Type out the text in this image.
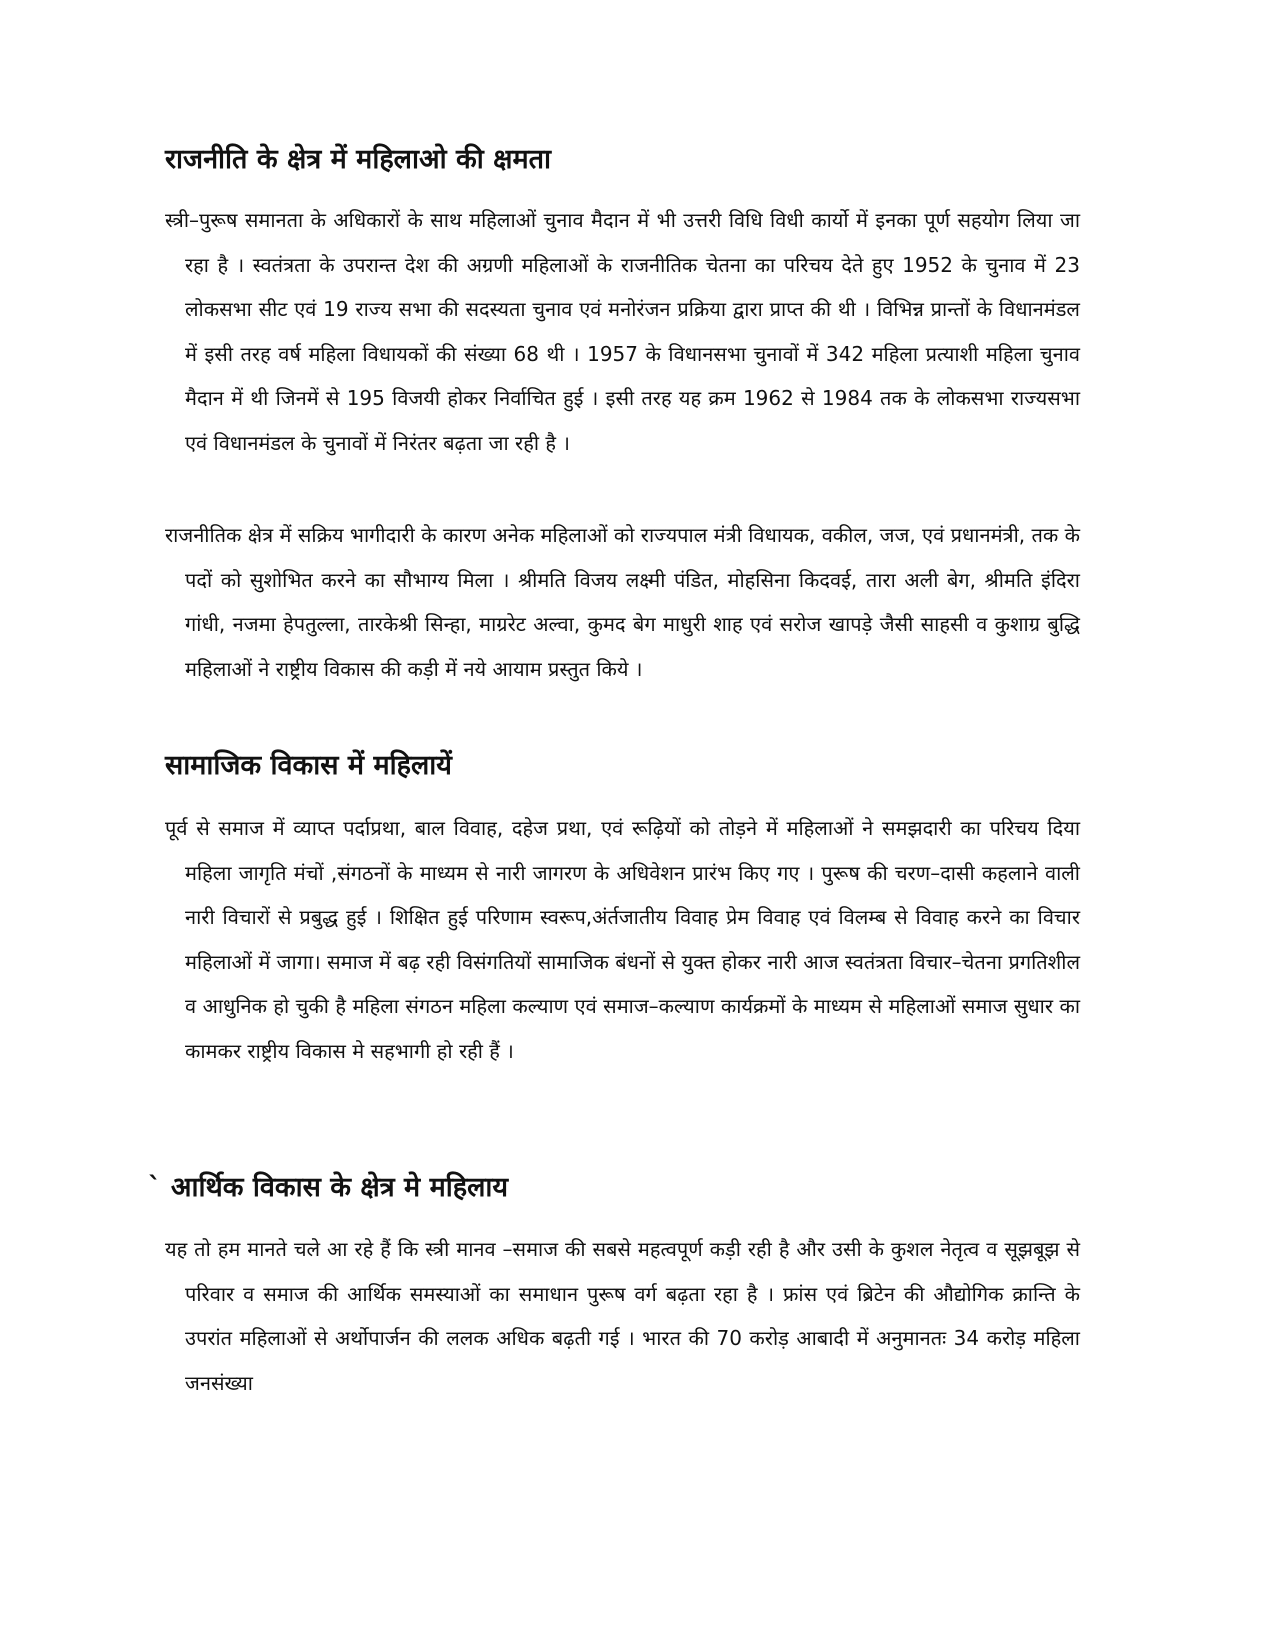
राजनीति के क्षेत्र में महिलाओ की क्षमता

स्त्री–पुरूष समानता के अधिकारों के साथ महिलाओं चुनाव मैदान में भी उत्तरी विधि विधी कार्यो में इनका पूर्ण सहयोग लिया जा रहा है । स्वतंत्रता के उपरान्त देश की अग्रणी महिलाओं के राजनीतिक चेतना का परिचय देते हुए 1952 के चुनाव में 23 लोकसभा सीट एवं 19 राज्य सभा की सदस्यता चुनाव एवं मनोरंजन प्रक्रिया द्वारा प्राप्त की थी । विभिन्न प्रान्तों के विधानमंडल में इसी तरह वर्ष महिला विधायकों की संख्या 68 थी । 1957 के विधानसभा चुनावों में 342 महिला प्रत्याशी महिला चुनाव मैदान में थी जिनमें से 195 विजयी होकर निर्वाचित हुई । इसी तरह यह क्रम 1962 से 1984 तक के लोकसभा राज्यसभा एवं विधानमंडल के चुनावों में निरंतर बढ़ता जा रही है ।

राजनीतिक क्षेत्र में सक्रिय भागीदारी के कारण अनेक महिलाओं को राज्यपाल मंत्री विधायक, वकील, जज, एवं प्रधानमंत्री, तक के पदों को सुशोभित करने का सौभाग्य मिला । श्रीमति विजय लक्ष्मी पंडित, मोहसिना किदवई, तारा अली बेग, श्रीमति इंदिरा गांधी, नजमा हेपतुल्ला, तारकेश्री सिन्हा, माग्ररेट अल्वा, कुमद बेग माधुरी शाह एवं सरोज खापड़े जैसी साहसी व कुशाग्र बुद्धि महिलाओं ने राष्ट्रीय विकास की कड़ी में नये आयाम प्रस्तुत किये ।

सामाजिक विकास में महिलायें

पूर्व से समाज में व्याप्त पर्दाप्रथा, बाल विवाह, दहेज प्रथा, एवं रूढ़ियों को तोड़ने में महिलाओं ने समझदारी का परिचय दिया महिला जागृति मंचों ,संगठनों के माध्यम से नारी जागरण के अधिवेशन प्रारंभ किए गए । पुरूष की चरण–दासी कहलाने वाली नारी विचारों से प्रबुद्ध हुई । शिक्षित हुई परिणाम स्वरूप,अंर्तजातीय विवाह प्रेम विवाह एवं विलम्ब से विवाह करने का विचार महिलाओं में जागा। समाज में बढ़ रही विसंगतियों सामाजिक बंधनों से युक्त होकर नारी आज स्वतंत्रता विचार–चेतना प्रगतिशील व आधुनिक हो चुकी है महिला संगठन महिला कल्याण एवं समाज–कल्याण कार्यक्रमों के माध्यम से महिलाओं समाज सुधार का कामकर राष्ट्रीय विकास मे सहभागी हो रही हैं ।

` आर्थिक विकास के क्षेत्र मे महिलाय

यह तो हम मानते चले आ रहे हैं कि स्त्री मानव –समाज की सबसे महत्वपूर्ण कड़ी रही है और उसी के कुशल नेतृत्व व सूझबूझ से परिवार व समाज की आर्थिक समस्याओं का समाधान पुरूष वर्ग बढ़ता रहा है । फ्रांस एवं ब्रिटेन की औद्योगिक क्रान्ति के उपरांत महिलाओं से अर्थोपार्जन की ललक अधिक बढ़ती गई । भारत की 70 करोड़ आबादी में अनुमानतः 34 करोड़ महिला जनसंख्या
